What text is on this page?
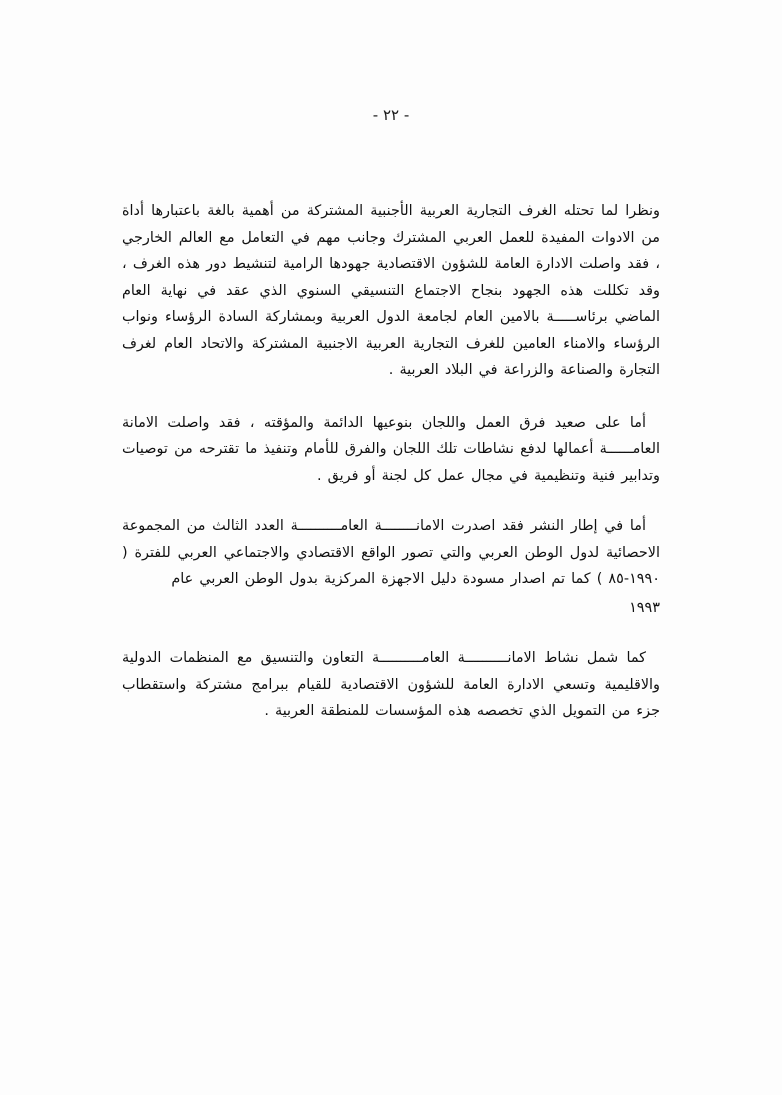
- ٢٢ -

ونظرا لما تحتله الغرف التجارية العربية الأجنبية المشتركة من أهمية بالغة باعتبارها أداة من الادوات المفيدة للعمل العربي المشترك وجانب مهم في التعامل مع العالم الخارجي ، فقد واصلت الادارة العامة للشؤون الاقتصادية جهودها الرامية لتنشيط دور هذه الغرف ، وقد تكللت هذه الجهود بنجاح الاجتماع التنسيقي السنوي الذي عقد في نهاية العام الماضي برئاســـــة بالامين العام لجامعة الدول العربية وبمشاركة السادة الرؤساء ونواب الرؤساء والامناء العامين للغرف التجارية العربية الاجنبية المشتركة والاتحاد العام لغرف التجارة والصناعة والزراعة في البلاد العربية .

أما على صعيد فرق العمل واللجان بنوعيها الدائمة والمؤقته ، فقد واصلت الامانة العامــــــة أعمالها لدفع نشاطات تلك اللجان والفرق للأمام وتنفيذ ما تقترحه من توصيات وتدابير فنية وتنظيمية في مجال عمل كل لجنة أو فريق .

أما في إطار النشر فقد اصدرت الامانــــــــة العامــــــــــة العدد الثالث من المجموعة الاحصائية لدول الوطن العربي والتي تصور الواقع الاقتصادي والاجتماعي العربي للفترة ( ١٩٩٠-٨٥ ) كما تم اصدار مسودة دليل الاجهزة المركزية بدول الوطن العربي عام
١٩٩٣

كما شمل نشاط الامانــــــــــة العامــــــــــة التعاون والتنسيق مع المنظمات الدولية والاقليمية وتسعي الادارة العامة للشؤون الاقتصادية للقيام ببرامج مشتركة واستقطاب جزء من التمويل الذي تخصصه هذه المؤسسات للمنطقة العربية .
